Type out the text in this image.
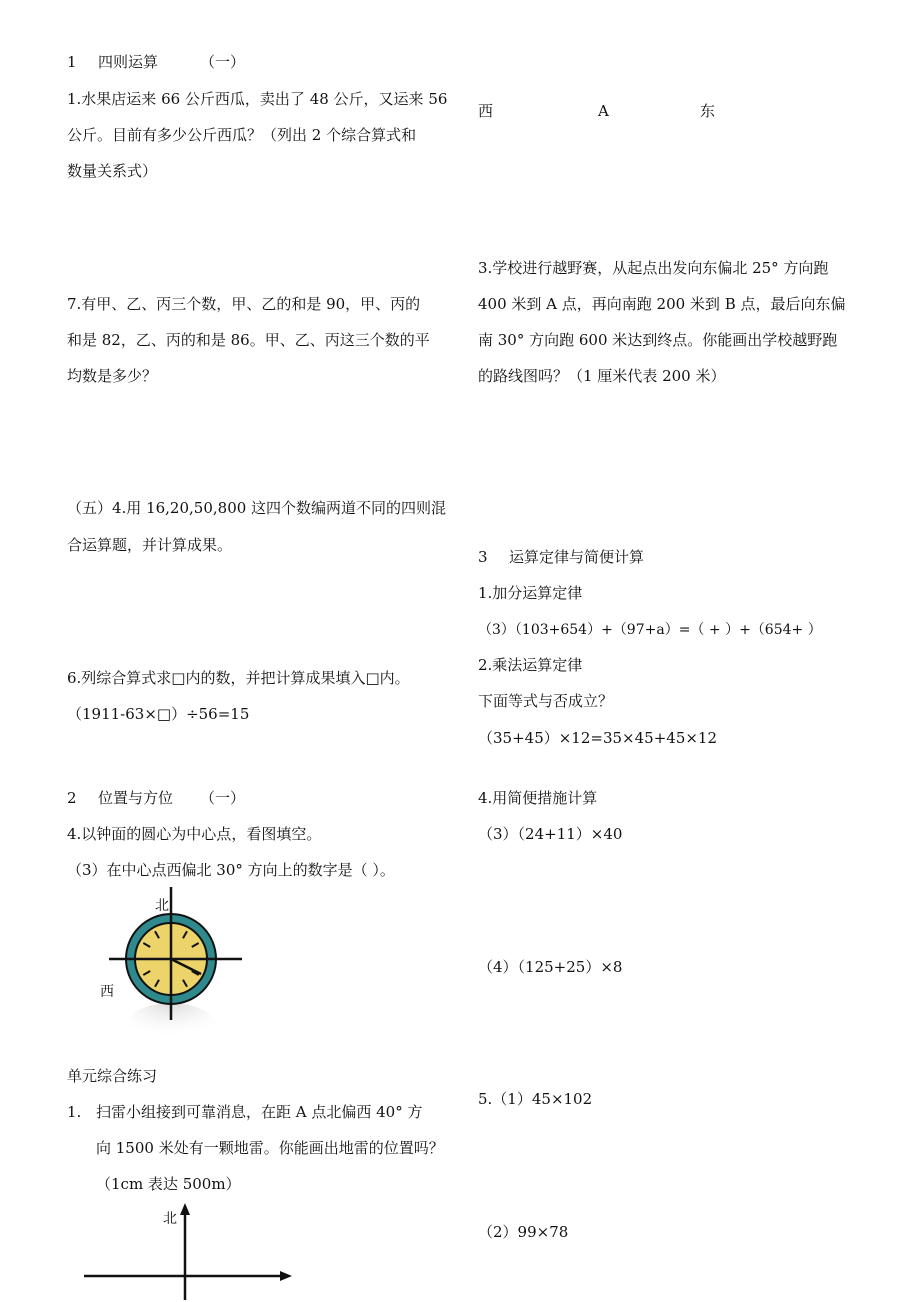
1 四则运算	（一）
1.水果店运来 66 公斤西瓜，卖出了 48 公斤，又运来 56
公斤。目前有多少公斤西瓜？（列出 2 个综合算式和
数量关系式）
7.有甲、乙、丙三个数，甲、乙的和是 90，甲、丙的
和是 82，乙、丙的和是 86。甲、乙、丙这三个数的平
均数是多少？
（五）4.用 16,20,50,800 这四个数编两道不同的四则混
合运算题，并计算成果。
6.列综合算式求□内的数，并把计算成果填入□内。
（1911-63×□）÷56=15
2 位置与方位 （一）
4.以钟面的圆心为中心点，看图填空。
（3）在中心点西偏北 30° 方向上的数字是（ ）。
北
西
单元综合练习
1. 扫雷小组接到可靠消息，在距 A 点北偏西 40° 方
向 1500 米处有一颗地雷。你能画出地雷的位置吗？
（1cm 表达 500m）
北
西	A	东
3.学校进行越野赛，从起点出发向东偏北 25° 方向跑
400 米到 A 点，再向南跑 200 米到 B 点，最后向东偏
南 30° 方向跑 600 米达到终点。你能画出学校越野跑
的路线图吗？（1 厘米代表 200 米）
3 运算定律与简便计算
1.加分运算定律
（3）（103+654）+（97+a）=（ + ）+（654+ ）
2.乘法运算定律
下面等式与否成立？
（35+45）×12=35×45+45×12
4.用简便措施计算
（3）（24+11）×40
（4）（125+25）×8
5.（1）45×102
（2）99×78
